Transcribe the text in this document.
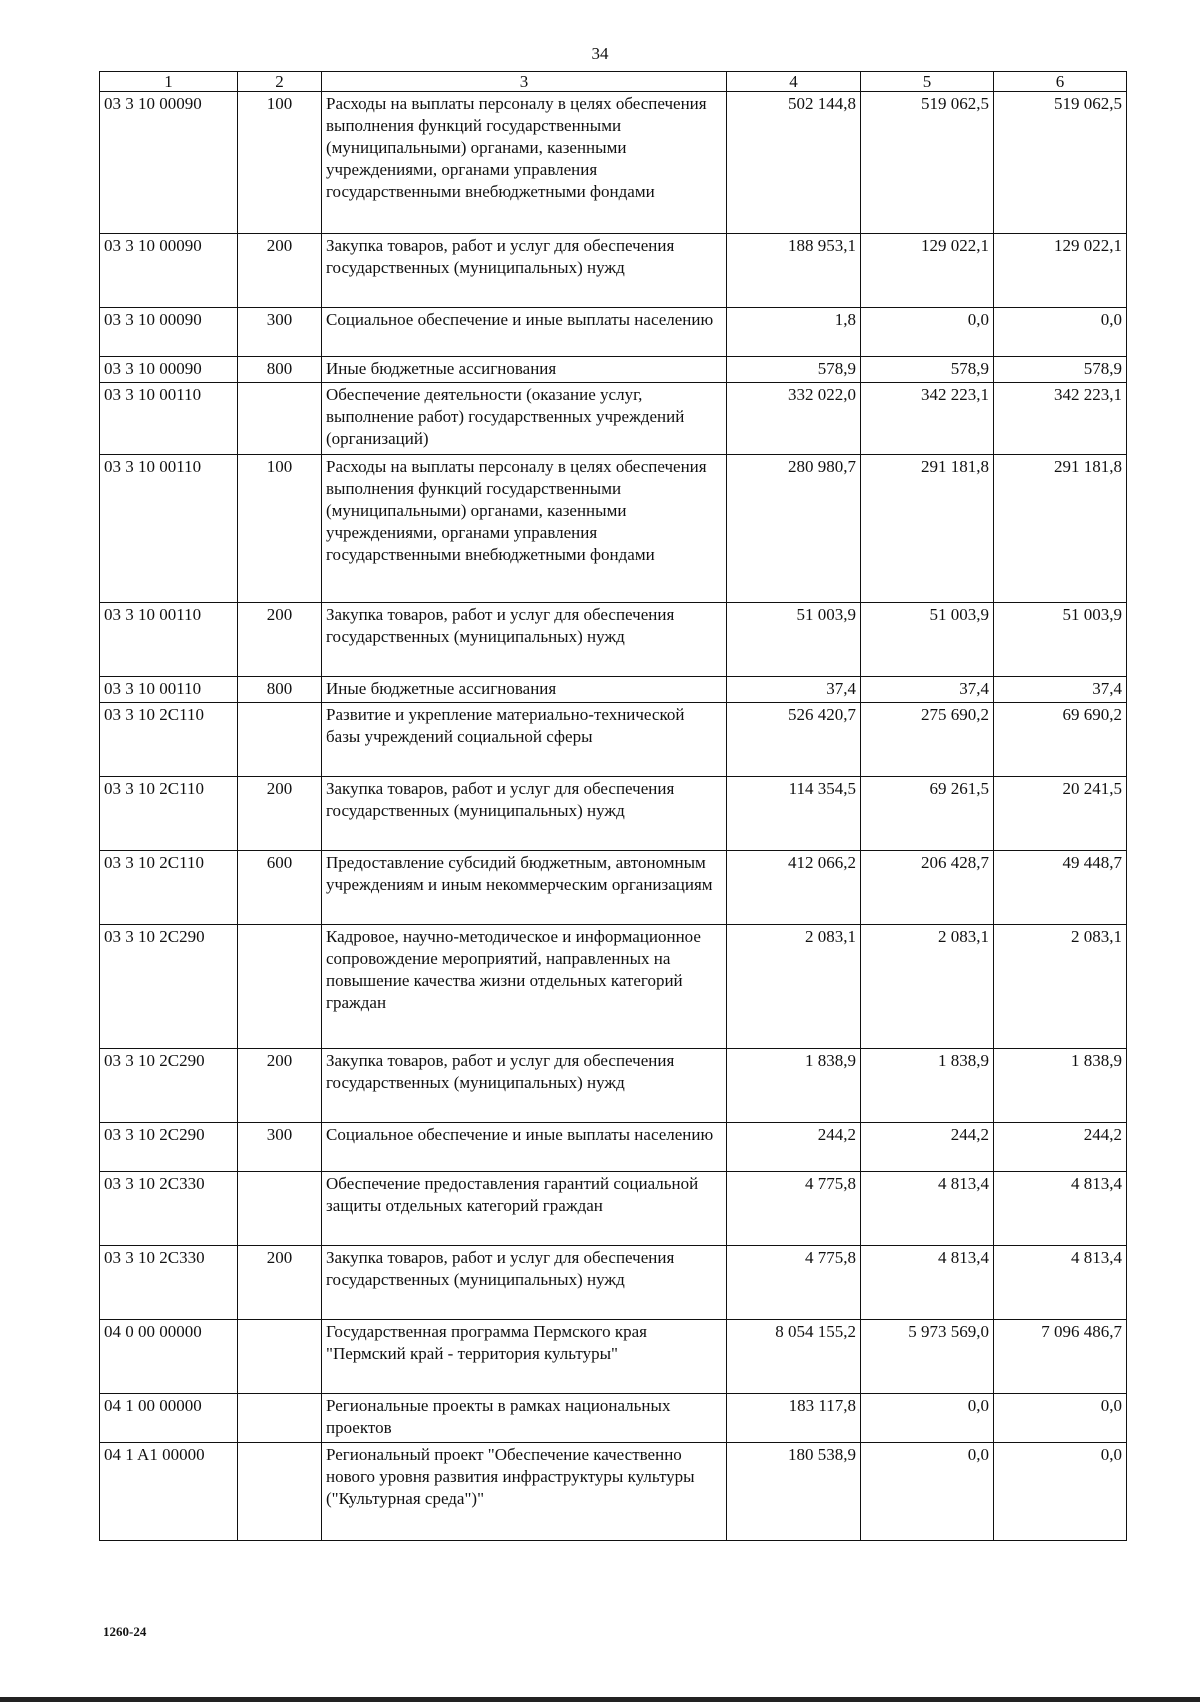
34
1	2	3	4	5	6
03 3 10 00090	100	Расходы на выплаты персоналу в целях обеспечения выполнения функций государственными (муниципальными) органами, казенными учреждениями, органами управления государственными внебюджетными фондами	502 144,8	519 062,5	519 062,5
03 3 10 00090	200	Закупка товаров, работ и услуг для обеспечения государственных (муниципальных) нужд	188 953,1	129 022,1	129 022,1
03 3 10 00090	300	Социальное обеспечение и иные выплаты населению	1,8	0,0	0,0
03 3 10 00090	800	Иные бюджетные ассигнования	578,9	578,9	578,9
03 3 10 00110		Обеспечение деятельности (оказание услуг, выполнение работ) государственных учреждений (организаций)	332 022,0	342 223,1	342 223,1
03 3 10 00110	100	Расходы на выплаты персоналу в целях обеспечения выполнения функций государственными (муниципальными) органами, казенными учреждениями, органами управления государственными внебюджетными фондами	280 980,7	291 181,8	291 181,8
03 3 10 00110	200	Закупка товаров, работ и услуг для обеспечения государственных (муниципальных) нужд	51 003,9	51 003,9	51 003,9
03 3 10 00110	800	Иные бюджетные ассигнования	37,4	37,4	37,4
03 3 10 2C110		Развитие и укрепление материально-технической базы учреждений социальной сферы	526 420,7	275 690,2	69 690,2
03 3 10 2C110	200	Закупка товаров, работ и услуг для обеспечения государственных (муниципальных) нужд	114 354,5	69 261,5	20 241,5
03 3 10 2C110	600	Предоставление субсидий бюджетным, автономным учреждениям и иным некоммерческим организациям	412 066,2	206 428,7	49 448,7
03 3 10 2C290		Кадровое, научно-методическое и информационное сопровождение мероприятий, направленных на повышение качества жизни отдельных категорий граждан	2 083,1	2 083,1	2 083,1
03 3 10 2C290	200	Закупка товаров, работ и услуг для обеспечения государственных (муниципальных) нужд	1 838,9	1 838,9	1 838,9
03 3 10 2C290	300	Социальное обеспечение и иные выплаты населению	244,2	244,2	244,2
03 3 10 2C330		Обеспечение предоставления гарантий социальной защиты отдельных категорий граждан	4 775,8	4 813,4	4 813,4
03 3 10 2C330	200	Закупка товаров, работ и услуг для обеспечения государственных (муниципальных) нужд	4 775,8	4 813,4	4 813,4
04 0 00 00000		Государственная программа Пермского края "Пермский край - территория культуры"	8 054 155,2	5 973 569,0	7 096 486,7
04 1 00 00000		Региональные проекты в рамках национальных проектов	183 117,8	0,0	0,0
04 1 A1 00000		Региональный проект "Обеспечение качественно нового уровня развития инфраструктуры культуры ("Культурная среда")"	180 538,9	0,0	0,0
1260-24
